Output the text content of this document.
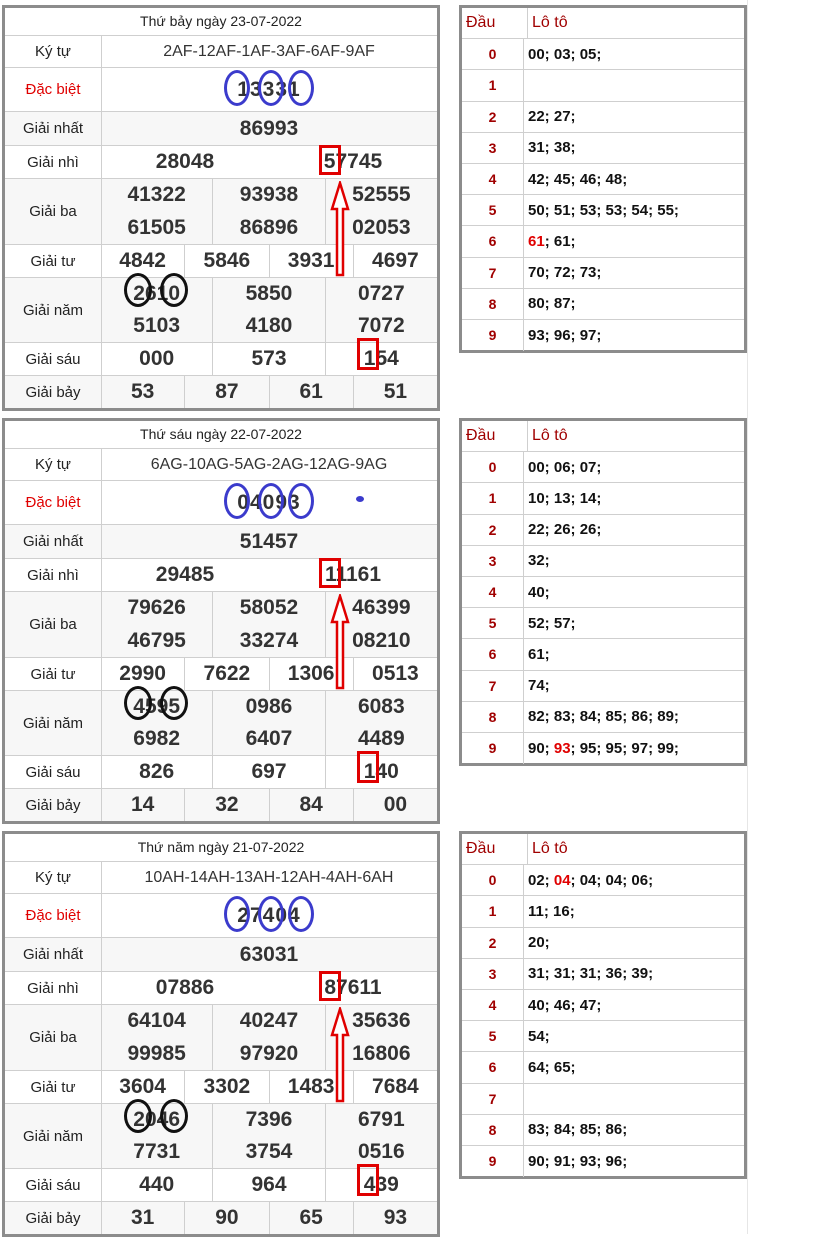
Thứ bảy ngày 23-07-2022
Ký tự	2AF-12AF-1AF-3AF-6AF-9AF
Đặc biệt	13331
Giải nhất	86993
Giải nhì	28048	57745
Giải ba
41322	93938	52555
61505	86896	02053
Giải tư	4842	5846	3931	4697
Giải năm
2610	5850	0727
5103	4180	7072
Giải sáu	000	573	154
Giải bảy	53	87	61	51
Đầu	Lô tô
0	00; 03; 05;
1
2	22; 27;
3	31; 38;
4	42; 45; 46; 48;
5	50; 51; 53; 53; 54; 55;
6	61 ; 61;
7	70; 72; 73;
8	80; 87;
9	93; 96; 97;
Thứ sáu ngày 22-07-2022
Ký tự	6AG-10AG-5AG-2AG-12AG-9AG
Đặc biệt	04093
Giải nhất	51457
Giải nhì	29485	11161
Giải ba
79626	58052	46399
46795	33274	08210
Giải tư	2990	7622	1306	0513
Giải năm
4595	0986	6083
6982	6407	4489
Giải sáu	826	697	140
Giải bảy	14	32	84	00
Đầu	Lô tô
0	00; 06; 07;
1	10; 13; 14;
2	22; 26; 26;
3	32;
4	40;
5	52; 57;
6	61;
7	74;
8	82; 83; 84; 85; 86; 89;
9	90; 93 ; 95; 95; 97; 99;
Thứ năm ngày 21-07-2022
Ký tự	10AH-14AH-13AH-12AH-4AH-6AH
Đặc biệt	27404
Giải nhất	63031
Giải nhì	07886	87611
Giải ba
64104	40247	35636
99985	97920	16806
Giải tư	3604	3302	1483	7684
Giải năm
2046	7396	6791
7731	3754	0516
Giải sáu	440	964	439
Giải bảy	31	90	65	93
Đầu	Lô tô
0	02; 04 ; 04; 04; 06;
1	11; 16;
2	20;
3	31; 31; 31; 36; 39;
4	40; 46; 47;
5	54;
6	64; 65;
7
8	83; 84; 85; 86;
9	90; 91; 93; 96;
